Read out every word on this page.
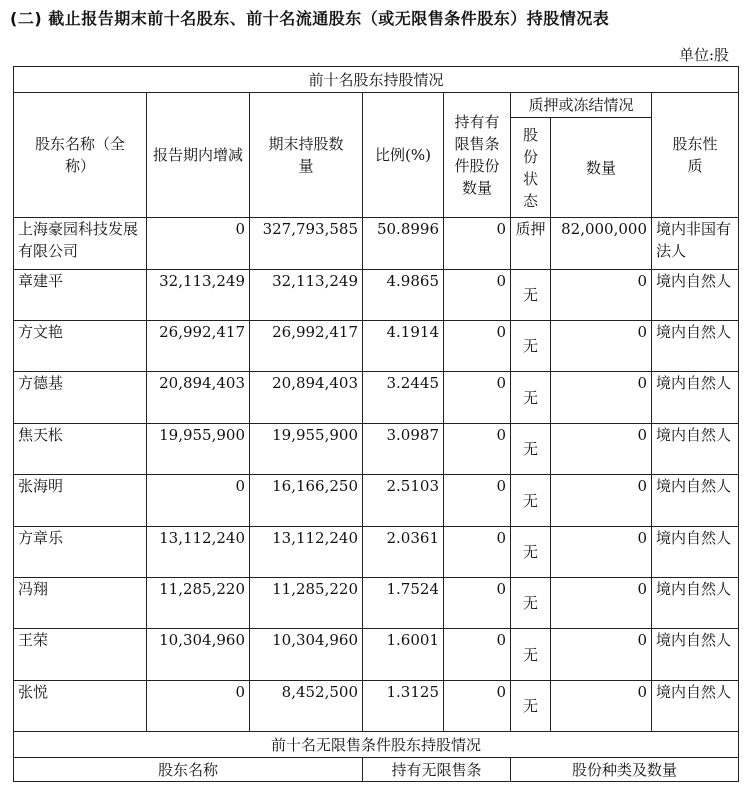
(二) 截止报告期末前十名股东、前十名流通股东（或无限售条件股东）持股情况表
单位:股
前十名股东持股情况							
股东名称（全称）	报告期内增减	期末持股数量	比例(%)	持有有限售条件股份数量	质押或冻结情况		股东性质
					股份状态	数量	
上海豪园科技发展有限公司	0	327,793,585	50.8996	0	质押	82,000,000	境内非国有法人
章建平	32,113,249	32,113,249	4.9865	0	无	0	境内自然人
方文艳	26,992,417	26,992,417	4.1914	0	无	0	境内自然人
方德基	20,894,403	20,894,403	3.2445	0	无	0	境内自然人
焦天枨	19,955,900	19,955,900	3.0987	0	无	0	境内自然人
张海明	0	16,166,250	2.5103	0	无	0	境内自然人
方章乐	13,112,240	13,112,240	2.0361	0	无	0	境内自然人
冯翔	11,285,220	11,285,220	1.7524	0	无	0	境内自然人
王荣	10,304,960	10,304,960	1.6001	0	无	0	境内自然人
张悦	0	8,452,500	1.3125	0	无	0	境内自然人
前十名无限售条件股东持股情况							
股东名称			持有无限售条		股份种类及数量		
